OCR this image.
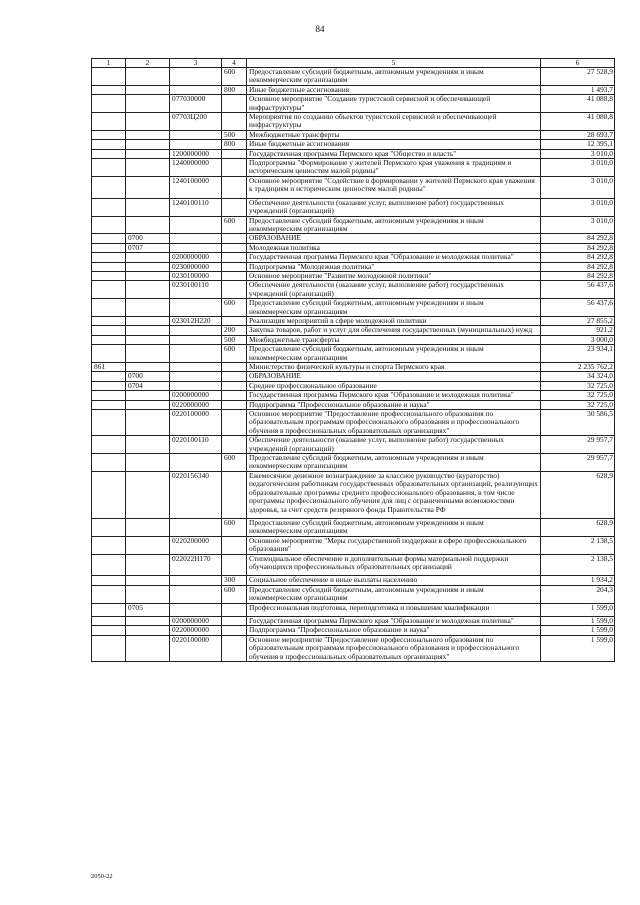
84
1	2	3	4	5	6
			600	Предоставление субсидий бюджетным, автономным учреждениям и иным некоммерческим организациям	27 528,9
			800	Иные бюджетные ассигнования	1 493,7
		077030000		Основное мероприятие "Создание туристской сервисной и обеспечивающей инфраструктуры"	41 088,8
		07703Ц200		Мероприятия по созданию объектов туристской сервисной и обеспечивающей инфраструктуры	41 088,8
			500	Межбюджетные трансферты	28 693,7
			800	Иные бюджетные ассигнования	12 395,1
		1200000000		Государственная программа Пермского края "Общество и власть"	3 010,0
		1240000000		Подпрограмма "Формирование у жителей Пермского края уважения к традициям и историческим ценностям малой родины"	3 010,0
		1240100000		Основное мероприятие "Содействие в формировании у жителей Пермского края уважения к традициям и историческим ценностям малой родины"	3 010,0
		1240100110		Обеспечение деятельности (оказание услуг, выполнение работ) государственных учреждений (организаций)	3 010,0
			600	Предоставление субсидий бюджетным, автономным учреждениям и иным некоммерческим организациям	3 010,0
	0700			ОБРАЗОВАНИЕ	84 292,8
	0707			Молодежная политика	84 292,8
		0200000000		Государственная программа Пермского края "Образование и молодежная политика"	84 292,8
		0230000000		Подпрограмма "Молодежная политика"	84 292,8
		0230100000		Основное мероприятие "Развитие молодежной политики"	84 292,8
		0230100110		Обеспечение деятельности (оказание услуг, выполнение работ) государственных учреждений (организаций)	56 437,6
			600	Предоставление субсидий бюджетным, автономным учреждениям и иным некоммерческим организациям	56 437,6
		023012Н220		Реализация мероприятий в сфере молодежной политики	27 855,2
			200	Закупка товаров, работ и услуг для обеспечения государственных (муниципальных) нужд	921,2
			500	Межбюджетные трансферты	3 000,0
			600	Предоставление субсидий бюджетным, автономным учреждениям и иным некоммерческим организациям	23 934,1
861				Министерство физической культуры и спорта Пермского края	2 235 762,2
	0700			ОБРАЗОВАНИЕ	34 324,0
	0704			Среднее профессиональное образование	32 725,0
		0200000000		Государственная программа Пермского края "Образование и молодежная политика"	32 725,0
		0220000000		Подпрограмма "Профессиональное образование и наука"	32 725,0
		0220100000		Основное мероприятие "Предоставление профессионального образования по образовательным программам профессионального образования и профессионального обучения в профессиональных образовательных организациях"	30 586,5
		0220100110		Обеспечение деятельности (оказание услуг, выполнение работ) государственных учреждений (организаций)	29 957,7
			600	Предоставление субсидий бюджетным, автономным учреждениям и иным некоммерческим организациям	29 957,7
		0220156340		Ежемесячное денежное вознаграждение за классное руководство (кураторство) педагогическим работникам государственных образовательных организаций, реализующих образовательные программы среднего профессионального образования, в том числе программы профессионального обучения для лиц с ограниченными возможностями здоровья, за счет средств резервного фонда Правительства РФ	628,9
			600	Предоставление субсидий бюджетным, автономным учреждениям и иным некоммерческим организациям	628,9
		0220200000		Основное мероприятие "Меры государственной поддержки в сфере профессионального образования"	2 138,5
		022022Н170		Стипендиальное обеспечение и дополнительные формы материальной поддержки обучающихся профессиональных образовательных организаций	2 138,5
			300	Социальное обеспечение и иные выплаты населению	1 934,2
			600	Предоставление субсидий бюджетным, автономным учреждениям и иным некоммерческим организациям	204,3
	0705			Профессиональная подготовка, переподготовка и повышение квалификации	1 599,0
		0200000000		Государственная программа Пермского края "Образование и молодежная политика"	1 599,0
		0220000000		Подпрограмма "Профессиональное образование и наука"	1 599,0
		0220100000		Основное мероприятие "Предоставление профессионального образования по образовательным программам профессионального образования и профессионального обучения в профессиональных образовательных организациях"	1 599,0
2050-22
